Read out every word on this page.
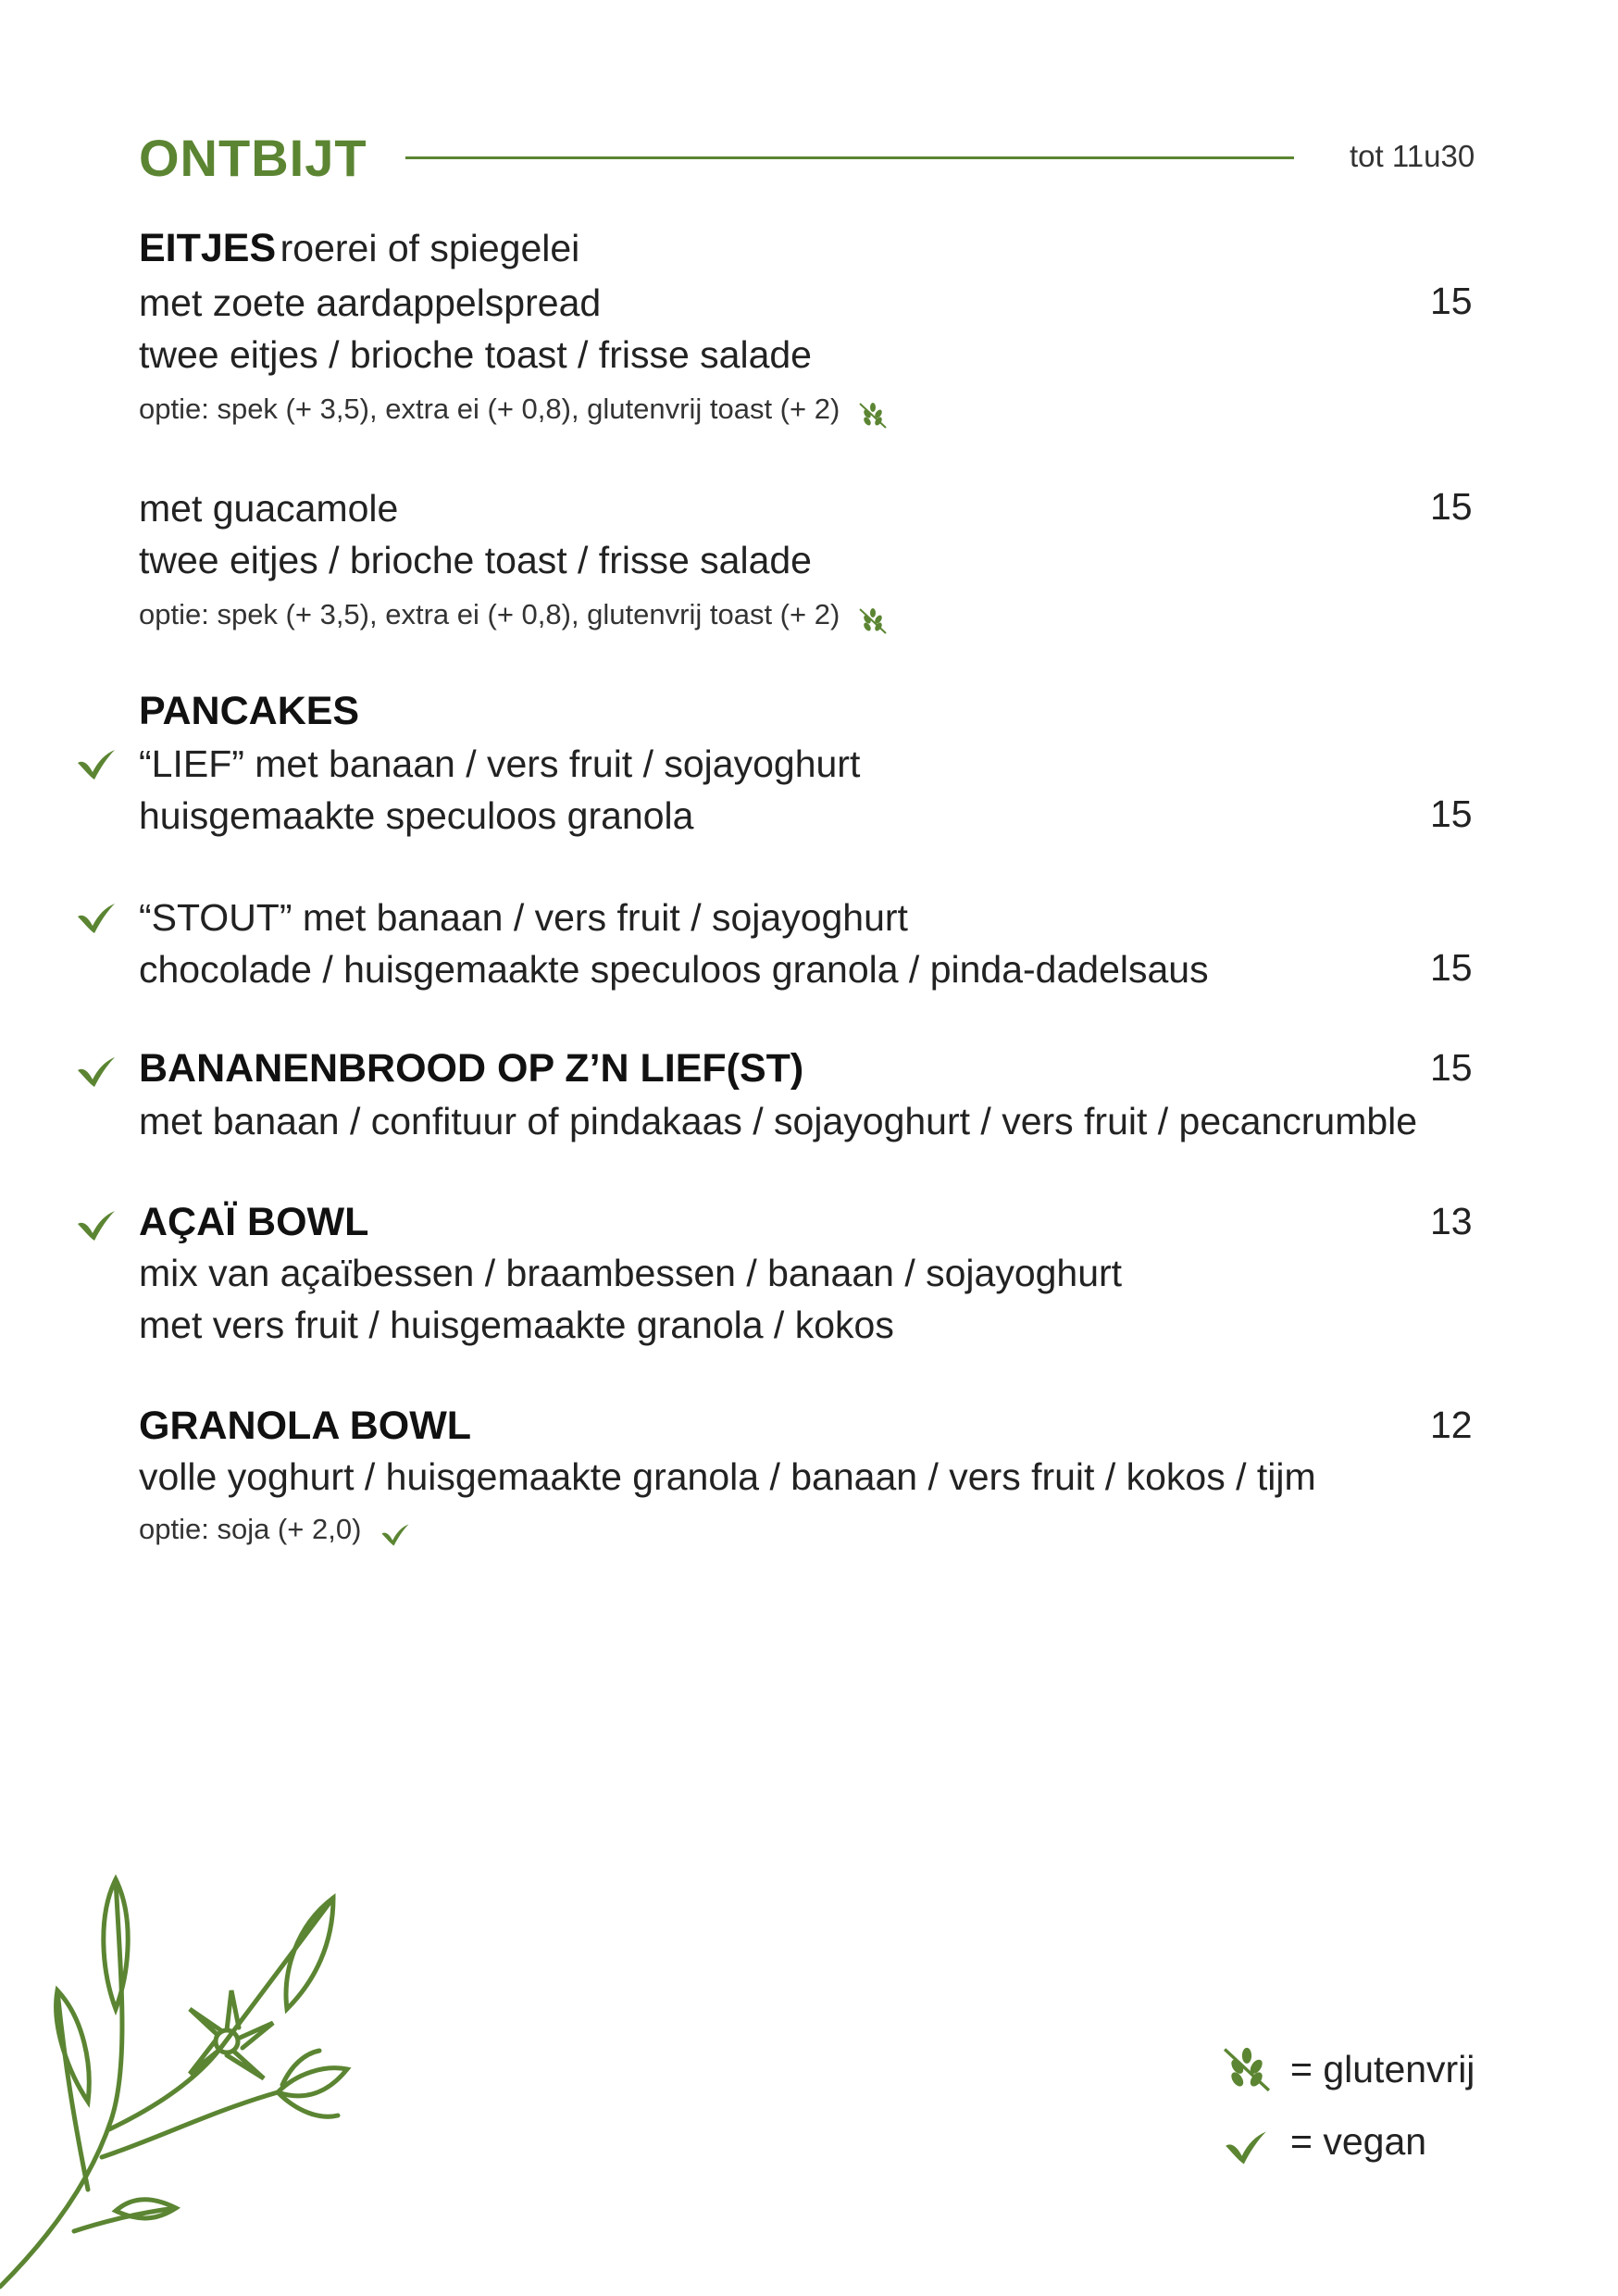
ONTBIJT	tot 11u30
EITJES roerei of spiegelei
met zoete aardappelspread	15
twee eitjes / brioche toast / frisse salade
optie: spek (+ 3,5), extra ei (+ 0,8), glutenvrij toast (+ 2)
met guacamole	15
twee eitjes / brioche toast / frisse salade
optie: spek (+ 3,5), extra ei (+ 0,8), glutenvrij toast (+ 2)
PANCAKES
“LIEF” met banaan / vers fruit / sojayoghurt
huisgemaakte speculoos granola	15
“STOUT” met banaan / vers fruit / sojayoghurt
chocolade / huisgemaakte speculoos granola / pinda-dadelsaus	15
BANANENBROOD OP Z’N LIEF(ST)	15
met banaan / confituur of pindakaas / sojayoghurt / vers fruit / pecancrumble
AÇAÏ BOWL	13
mix van açaïbessen / braambessen / banaan / sojayoghurt
met vers fruit / huisgemaakte granola / kokos
GRANOLA BOWL	12
volle yoghurt / huisgemaakte granola / banaan / vers fruit / kokos / tijm
optie: soja (+ 2,0)
= glutenvrij
= vegan
